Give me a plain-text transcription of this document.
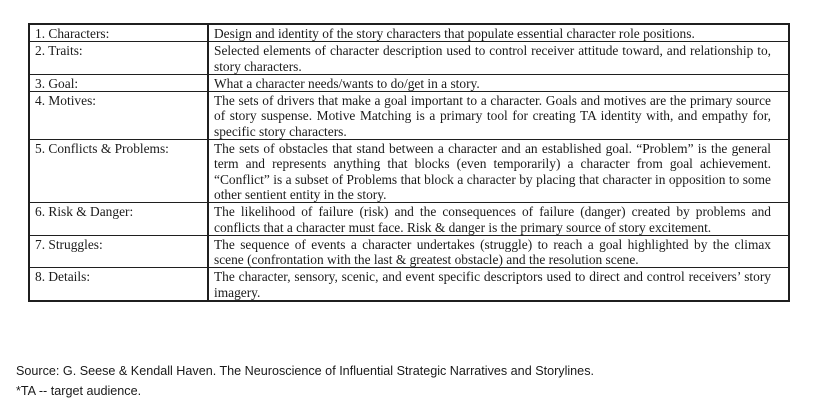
1. Characters:	Design and identity of the story characters that populate essential character role positions.
2. Traits:	Selected elements of character description used to control receiver attitude toward, and relationship to, story characters.
3. Goal:	What a character needs/wants to do/get in a story.
4. Motives:	The sets of drivers that make a goal important to a character. Goals and motives are the primary source of story suspense. Motive Matching is a primary tool for creating TA identity with, and empathy for, specific story characters.
5. Conflicts & Problems:	The sets of obstacles that stand between a character and an established goal. “Problem” is the general term and represents anything that blocks (even temporarily) a character from goal achievement. “Conflict” is a subset of Problems that block a character by placing that character in opposition to some other sentient entity in the story.
6. Risk & Danger:	The likelihood of failure (risk) and the consequences of failure (danger) created by problems and conflicts that a character must face. Risk & danger is the primary source of story excitement.
7. Struggles:	The sequence of events a character undertakes (struggle) to reach a goal highlighted by the climax scene (confrontation with the last & greatest obstacle) and the resolution scene.
8. Details:	The character, sensory, scenic, and event specific descriptors used to direct and control receivers’ story imagery.
Source: G. Seese & Kendall Haven. The Neuroscience of Influential Strategic Narratives and Storylines.
*TA -- target audience.
